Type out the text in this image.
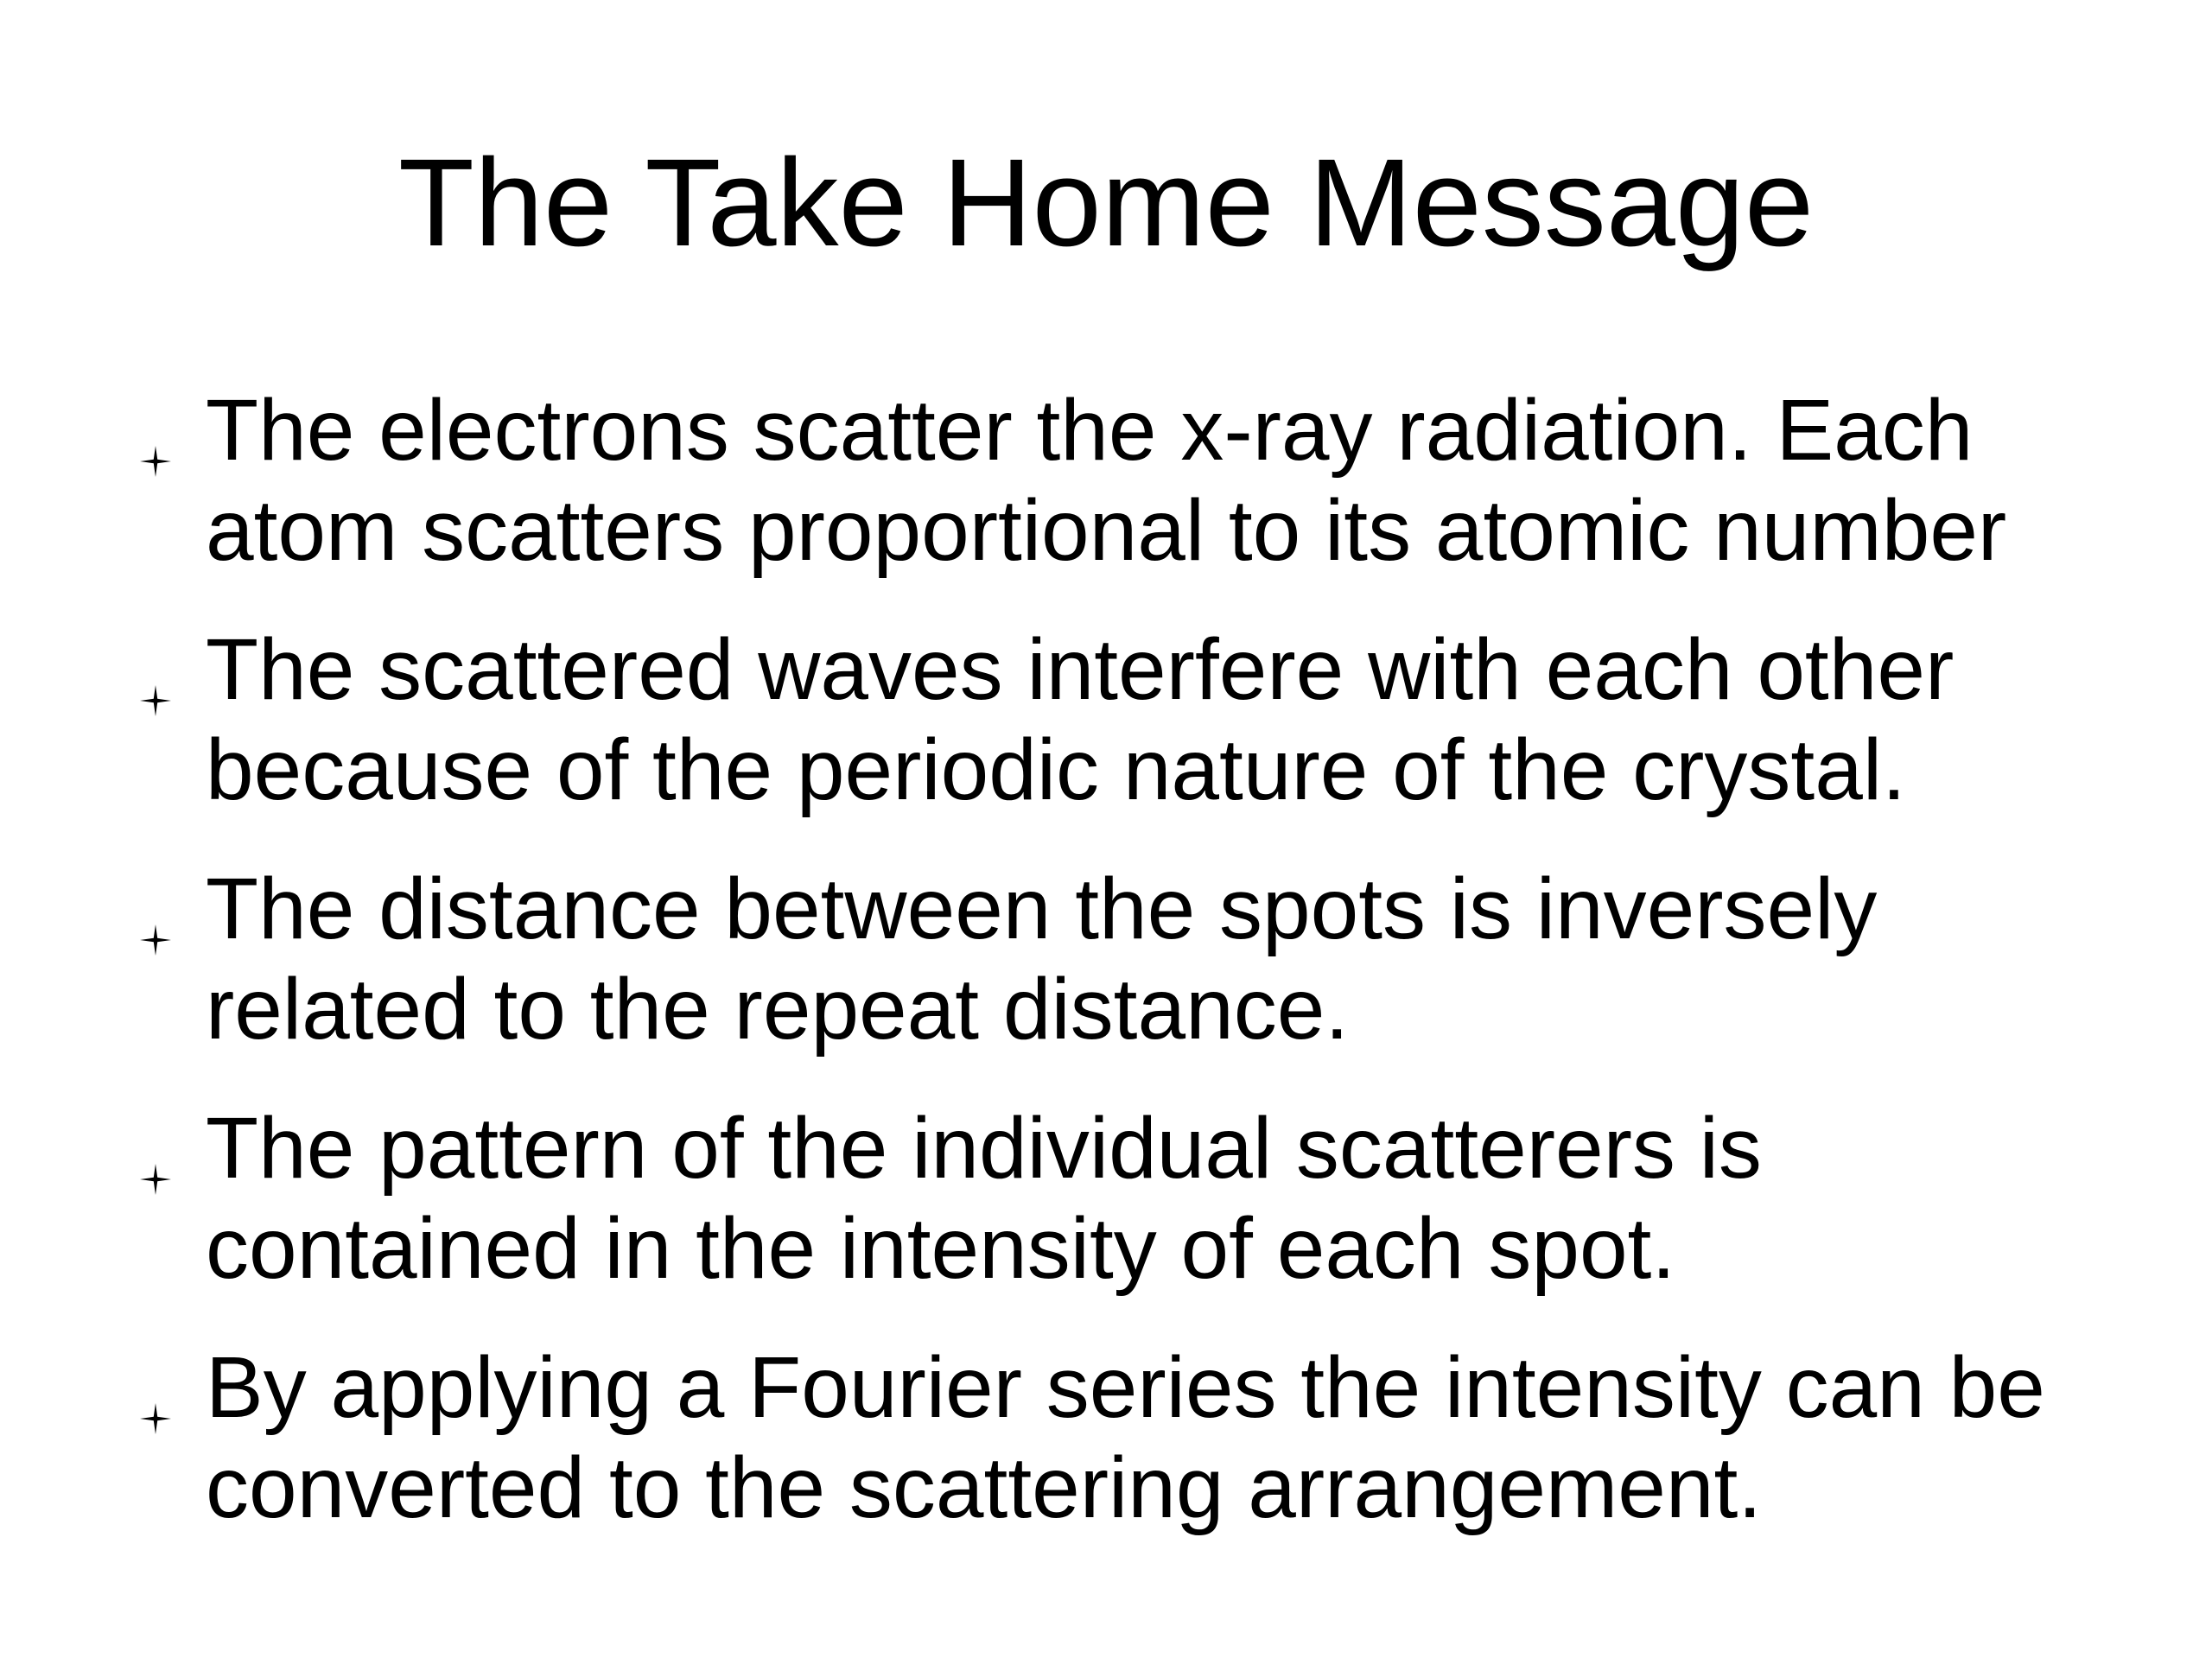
The Take Home Message
The electrons scatter the x-ray radiation. Each
atom scatters proportional to its atomic number
The scattered waves interfere with each other
because of the periodic nature of the crystal.
The distance between the spots is inversely
related to the repeat distance.
The pattern of the individual scatterers is
contained in the intensity of each spot.
By applying a Fourier series the intensity can be
converted to the scattering arrangement.
